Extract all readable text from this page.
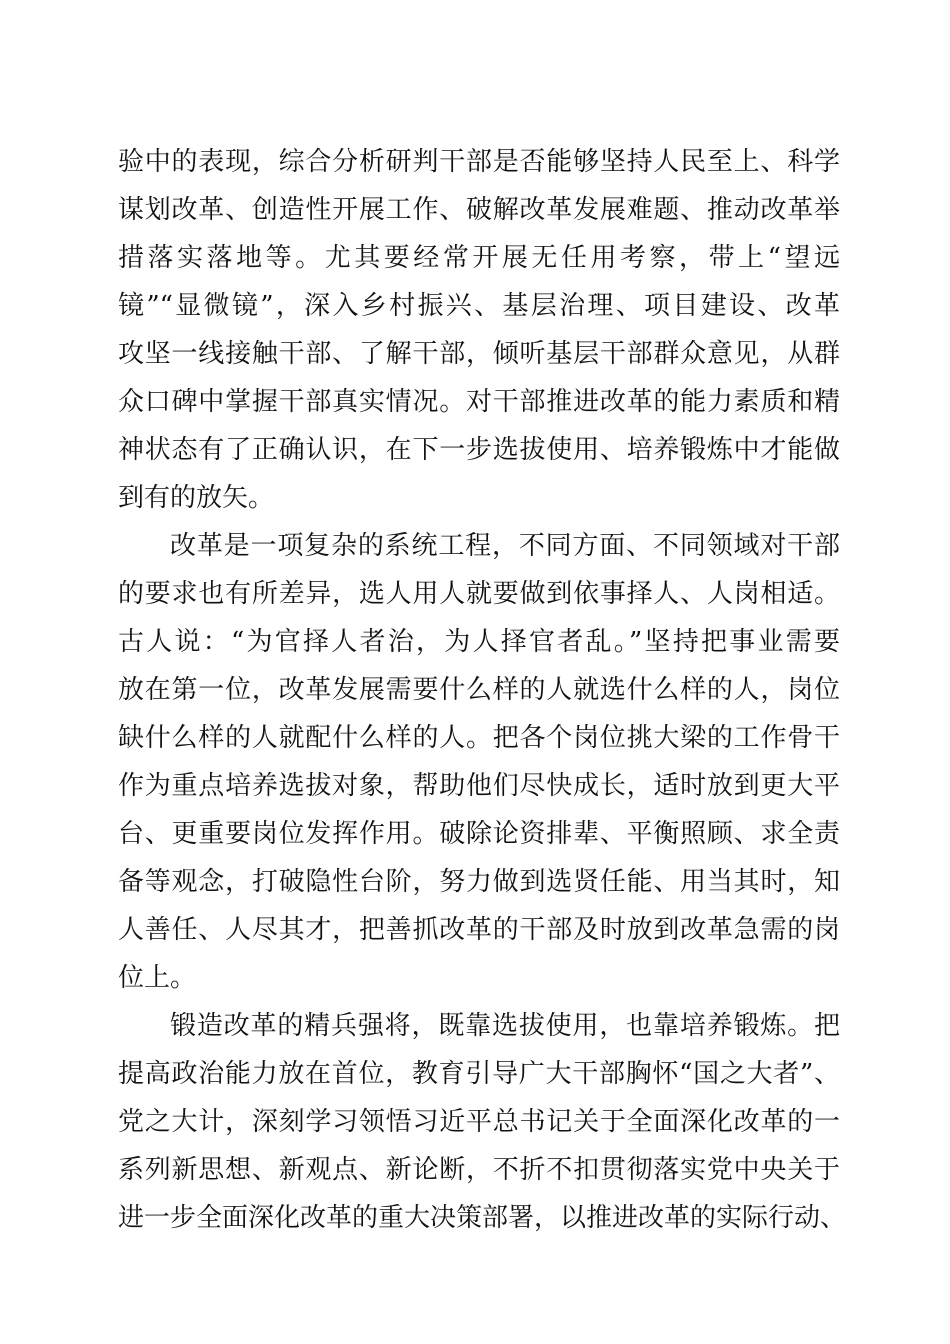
验中的表现，综合分析研判干部是否能够坚持人民至上、科学
谋划改革、创造性开展工作、破解改革发展难题、推动改革举
措落实落地等。尤其要经常开展无任用考察，带上“望远
镜”“显微镜”，深入乡村振兴、基层治理、项目建设、改革
攻坚一线接触干部、了解干部，倾听基层干部群众意见，从群
众口碑中掌握干部真实情况。对干部推进改革的能力素质和精
神状态有了正确认识，在下一步选拔使用、培养锻炼中才能做
到有的放矢。
改革是一项复杂的系统工程，不同方面、不同领域对干部
的要求也有所差异，选人用人就要做到依事择人、人岗相适。
古人说：“为官择人者治，为人择官者乱。”坚持把事业需要
放在第一位，改革发展需要什么样的人就选什么样的人，岗位
缺什么样的人就配什么样的人。把各个岗位挑大梁的工作骨干
作为重点培养选拔对象，帮助他们尽快成长，适时放到更大平
台、更重要岗位发挥作用。破除论资排辈、平衡照顾、求全责
备等观念，打破隐性台阶，努力做到选贤任能、用当其时，知
人善任、人尽其才，把善抓改革的干部及时放到改革急需的岗
位上。
锻造改革的精兵强将，既靠选拔使用，也靠培养锻炼。把
提高政治能力放在首位，教育引导广大干部胸怀“国之大者”、
党之大计，深刻学习领悟习近平总书记关于全面深化改革的一
系列新思想、新观点、新论断，不折不扣贯彻落实党中央关于
进一步全面深化改革的重大决策部署，以推进改革的实际行动、
